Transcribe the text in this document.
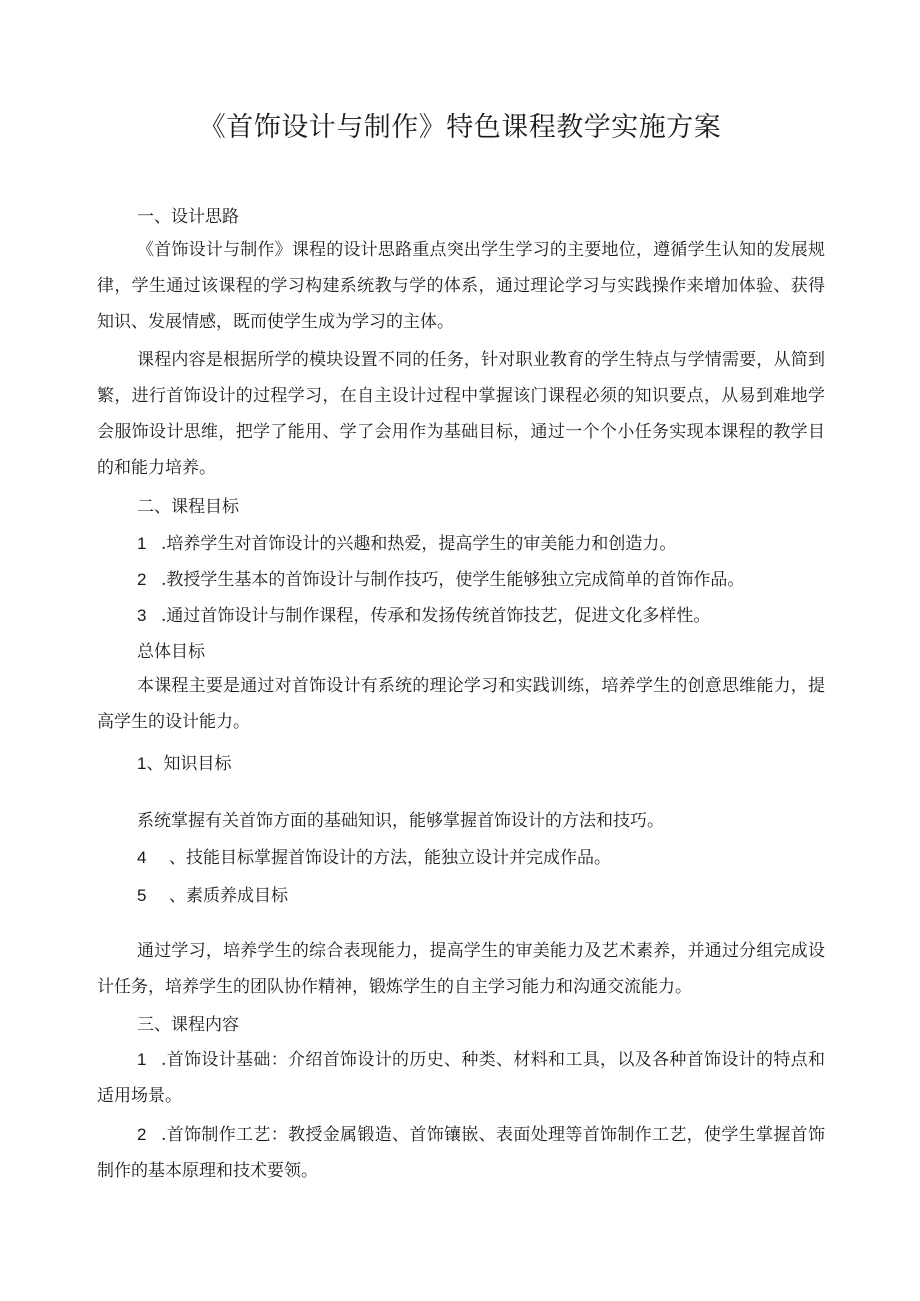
《首饰设计与制作》特色课程教学实施方案

一、设计思路

《首饰设计与制作》课程的设计思路重点突出学生学习的主要地位，遵循学生认知的发展规律，学生通过该课程的学习构建系统教与学的体系，通过理论学习与实践操作来增加体验、获得知识、发展情感，既而使学生成为学习的主体。

课程内容是根据所学的模块设置不同的任务，针对职业教育的学生特点与学情需要，从简到繁，进行首饰设计的过程学习，在自主设计过程中掌握该门课程必须的知识要点，从易到难地学会服饰设计思维，把学了能用、学了会用作为基础目标，通过一个个小任务实现本课程的教学目的和能力培养。

二、课程目标

1 .培养学生对首饰设计的兴趣和热爱，提高学生的审美能力和创造力。

2 .教授学生基本的首饰设计与制作技巧，使学生能够独立完成简单的首饰作品。

3 .通过首饰设计与制作课程，传承和发扬传统首饰技艺，促进文化多样性。

总体目标

本课程主要是通过对首饰设计有系统的理论学习和实践训练，培养学生的创意思维能力，提高学生的设计能力。

1、知识目标

系统掌握有关首饰方面的基础知识，能够掌握首饰设计的方法和技巧。

4 、技能目标掌握首饰设计的方法，能独立设计并完成作品。

5 、素质养成目标

通过学习，培养学生的综合表现能力，提高学生的审美能力及艺术素养，并通过分组完成设计任务，培养学生的团队协作精神，锻炼学生的自主学习能力和沟通交流能力。

三、课程内容

1 .首饰设计基础：介绍首饰设计的历史、种类、材料和工具，以及各种首饰设计的特点和适用场景。

2 .首饰制作工艺：教授金属锻造、首饰镶嵌、表面处理等首饰制作工艺，使学生掌握首饰制作的基本原理和技术要领。
